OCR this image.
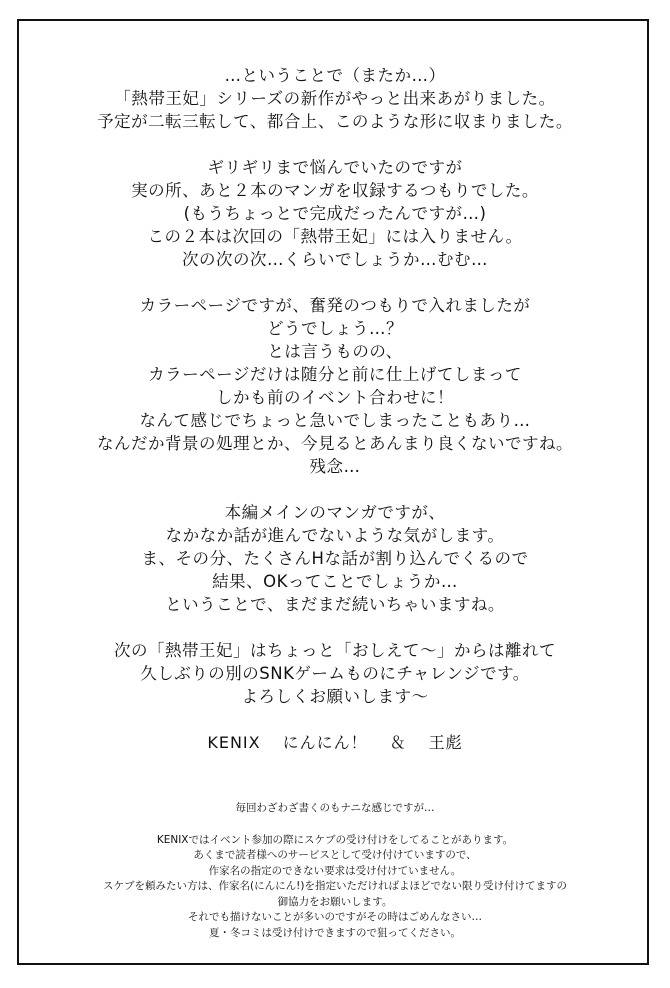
…ということで（またか…）
「熱帯王妃」シリーズの新作がやっと出来あがりました。
予定が二転三転して、都合上、このような形に収まりました。
ギリギリまで悩んでいたのですが
実の所、あと２本のマンガを収録するつもりでした。
(もうちょっとで完成だったんですが…)
この２本は次回の「熱帯王妃」には入りません。
次の次の次…くらいでしょうか…むむ…
カラーページですが、奮発のつもりで入れましたが
どうでしょう…？
とは言うものの、
カラーページだけは随分と前に仕上げてしまって
しかも前のイベント合わせに！
なんて感じでちょっと急いでしまったこともあり…
なんだか背景の処理とか、今見るとあんまり良くないですね。
残念…
本編メインのマンガですが、
なかなか話が進んでないような気がします。
ま、その分、たくさんHな話が割り込んでくるので
結果、OKってことでしょうか…
ということで、まだまだ続いちゃいますね。
次の「熱帯王妃」はちょっと「おしえて～」からは離れて
久しぶりの別のSNKゲームものにチャレンジです。
よろしくお願いします～
KENIX にんにん！ ＆ 王彪
毎回わざわざ書くのもナニな感じですが…
KENIXではイベント参加の際にスケブの受け付けをしてることがあります。
あくまで読者様へのサービスとして受け付けていますので、
作家名の指定のできない要求は受け付けていません。
スケブを頼みたい方は、作家名(にんにん!)を指定いただければよほどでない限り受け付けてますの
御協力をお願いします。
それでも描けないことが多いのですがその時はごめんなさい…
夏・冬コミは受け付けできますので狙ってください。
